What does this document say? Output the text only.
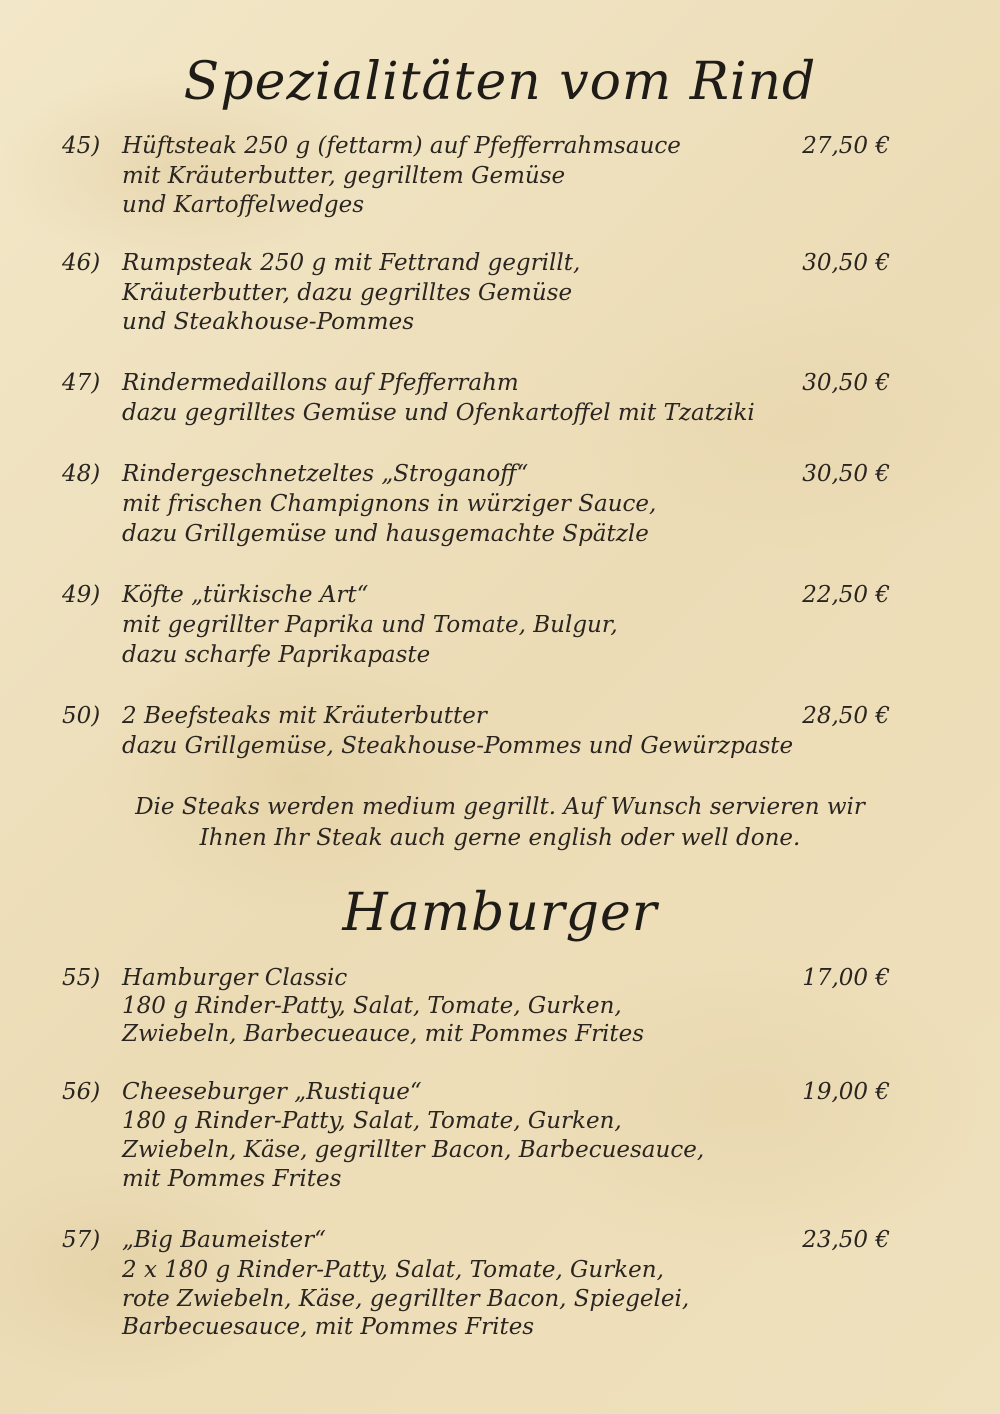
Spezialitäten vom Rind
45) Hüftsteak 250 g (fettarm) auf Pfefferrahmsauce	27,50 €
mit Kräuterbutter, gegrilltem Gemüse
und Kartoffelwedges
46) Rumpsteak 250 g mit Fettrand gegrillt,	30,50 €
Kräuterbutter, dazu gegrilltes Gemüse
und Steakhouse-Pommes
47) Rindermedaillons auf Pfefferrahm	30,50 €
dazu gegrilltes Gemüse und Ofenkartoffel mit Tzatziki
48) Rindergeschnetzeltes „Stroganoff“	30,50 €
mit frischen Champignons in würziger Sauce,
dazu Grillgemüse und hausgemachte Spätzle
49) Köfte „türkische Art“	22,50 €
mit gegrillter Paprika und Tomate, Bulgur,
dazu scharfe Paprikapaste
50) 2 Beefsteaks mit Kräuterbutter	28,50 €
dazu Grillgemüse, Steakhouse-Pommes und Gewürzpaste
Die Steaks werden medium gegrillt. Auf Wunsch servieren wir
Ihnen Ihr Steak auch gerne english oder well done.
Hamburger
55) Hamburger Classic	17,00 €
180 g Rinder-Patty, Salat, Tomate, Gurken,
Zwiebeln, Barbecueauce, mit Pommes Frites
56) Cheeseburger „Rustique“	19,00 €
180 g Rinder-Patty, Salat, Tomate, Gurken,
Zwiebeln, Käse, gegrillter Bacon, Barbecuesauce,
mit Pommes Frites
57) „Big Baumeister“	23,50 €
2 x 180 g Rinder-Patty, Salat, Tomate, Gurken,
rote Zwiebeln, Käse, gegrillter Bacon, Spiegelei,
Barbecuesauce, mit Pommes Frites
